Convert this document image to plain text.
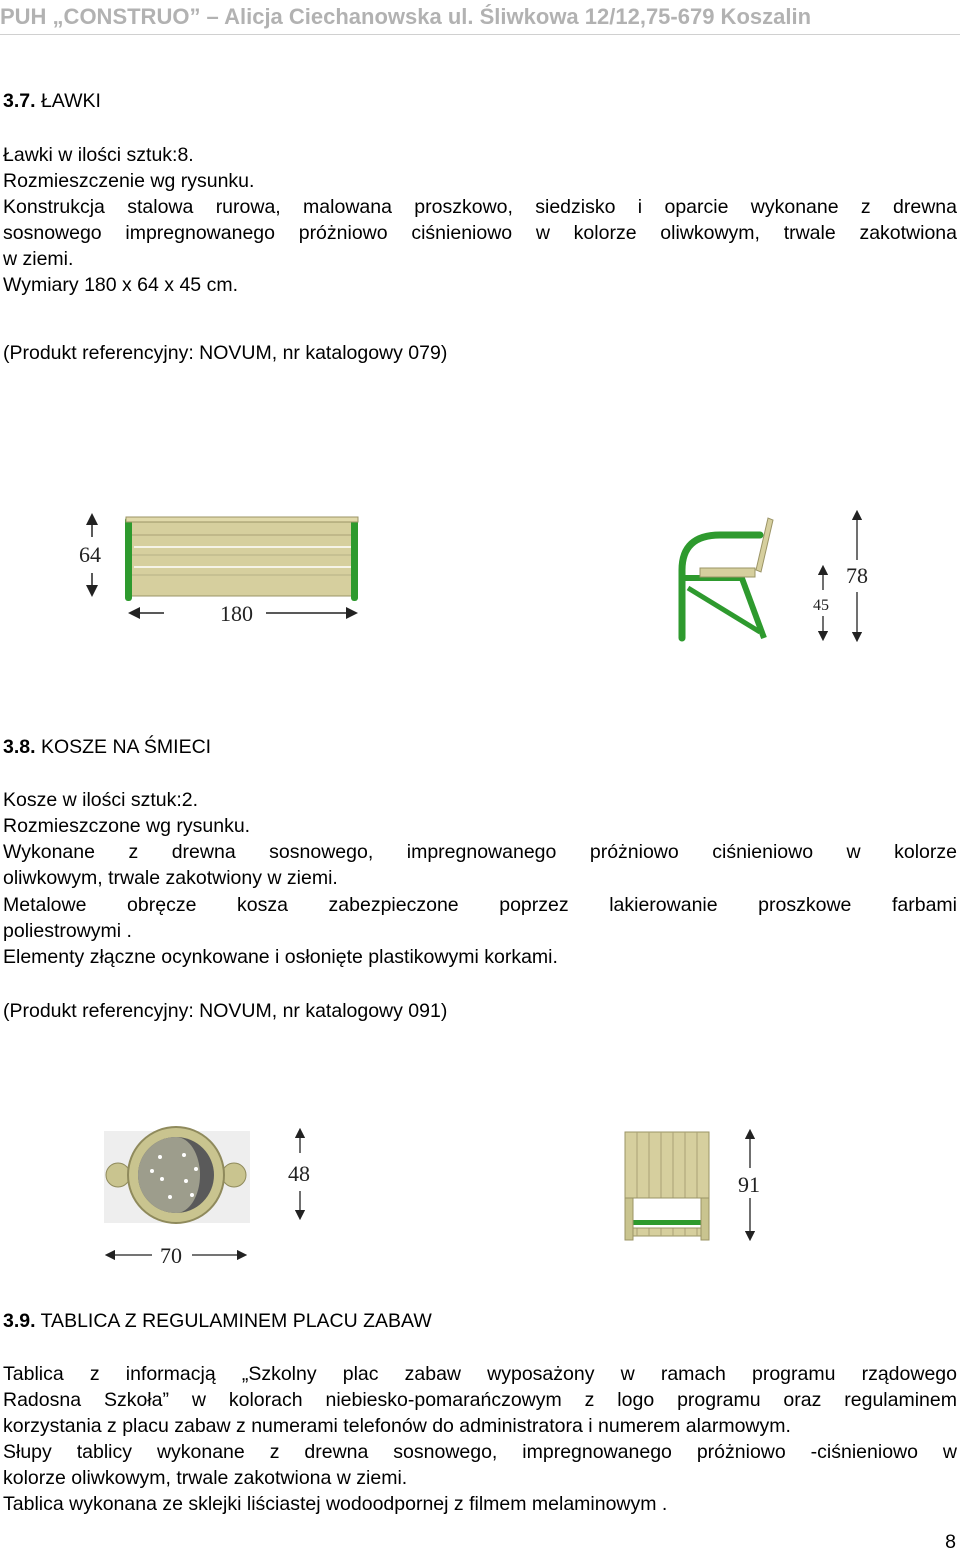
PUH „CONSTRUO” – Alicja Ciechanowska ul. Śliwkowa 12/12,75-679 Koszalin
3.7. ŁAWKI
Ławki w ilości sztuk:8.
Rozmieszczenie wg rysunku.
Konstrukcja stalowa rurowa, malowana proszkowo, siedzisko i oparcie wykonane z drewna
sosnowego impregnowanego próżniowo ciśnieniowo w kolorze oliwkowym, trwale zakotwiona
w ziemi.
Wymiary 180 x 64 x 45 cm.
(Produkt referencyjny: NOVUM, nr katalogowy 079)
64
180	45
78
3.8. KOSZE NA ŚMIECI
Kosze w ilości sztuk:2.
Rozmieszczone wg rysunku.
Wykonane z drewna sosnowego, impregnowanego próżniowo ciśnieniowo w kolorze
oliwkowym, trwale zakotwiony w ziemi.
Metalowe obręcze kosza zabezpieczone poprzez lakierowanie proszkowe farbami
poliestrowymi .
Elementy złączne ocynkowane i osłonięte plastikowymi korkami.
(Produkt referencyjny: NOVUM, nr katalogowy 091)
48
70
91
3.9. TABLICA Z REGULAMINEM PLACU ZABAW
Tablica z informacją „Szkolny plac zabaw wyposażony w ramach programu rządowego
Radosna Szkoła” w kolorach niebiesko-pomarańczowym z logo programu oraz regulaminem
korzystania z placu zabaw z numerami telefonów do administratora i numerem alarmowym.
Słupy tablicy wykonane z drewna sosnowego, impregnowanego próżniowo -ciśnieniowo w
kolorze oliwkowym, trwale zakotwiona w ziemi.
Tablica wykonana ze sklejki liściastej wodoodpornej z filmem melaminowym .
8
